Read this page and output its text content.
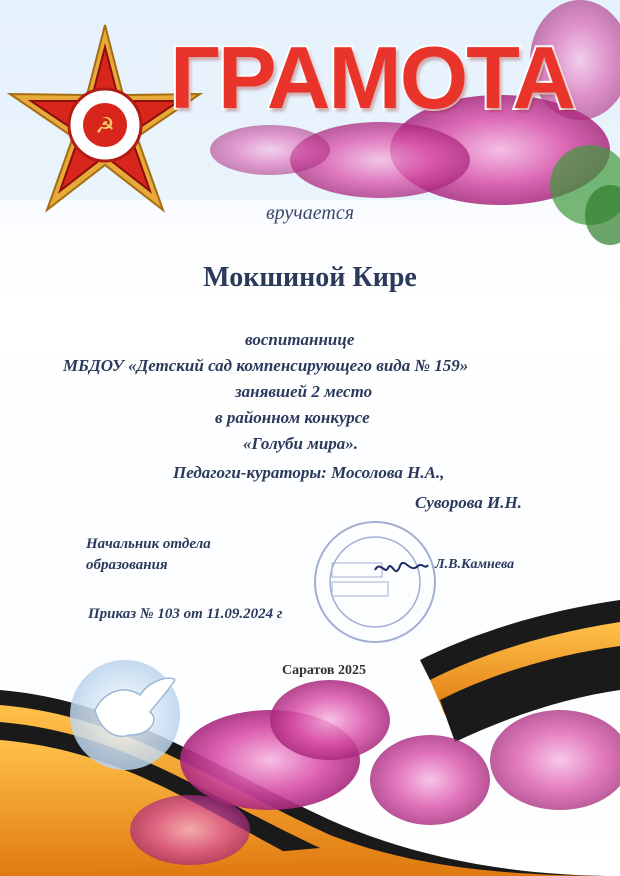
☭ ГРАМОТА
вручается
Мокшиной Кире
воспитаннице
МБДОУ «Детский сад компенсирующего вида № 159»
занявшей 2 место
в районном конкурсе
«Голуби мира».
Педагоги-кураторы: Мосолова Н.А.,
Суворова И.Н.
Начальник отдела
образования	Л.В.Камнева
Приказ № 103 от 11.09.2024 г
Саратов 2025
